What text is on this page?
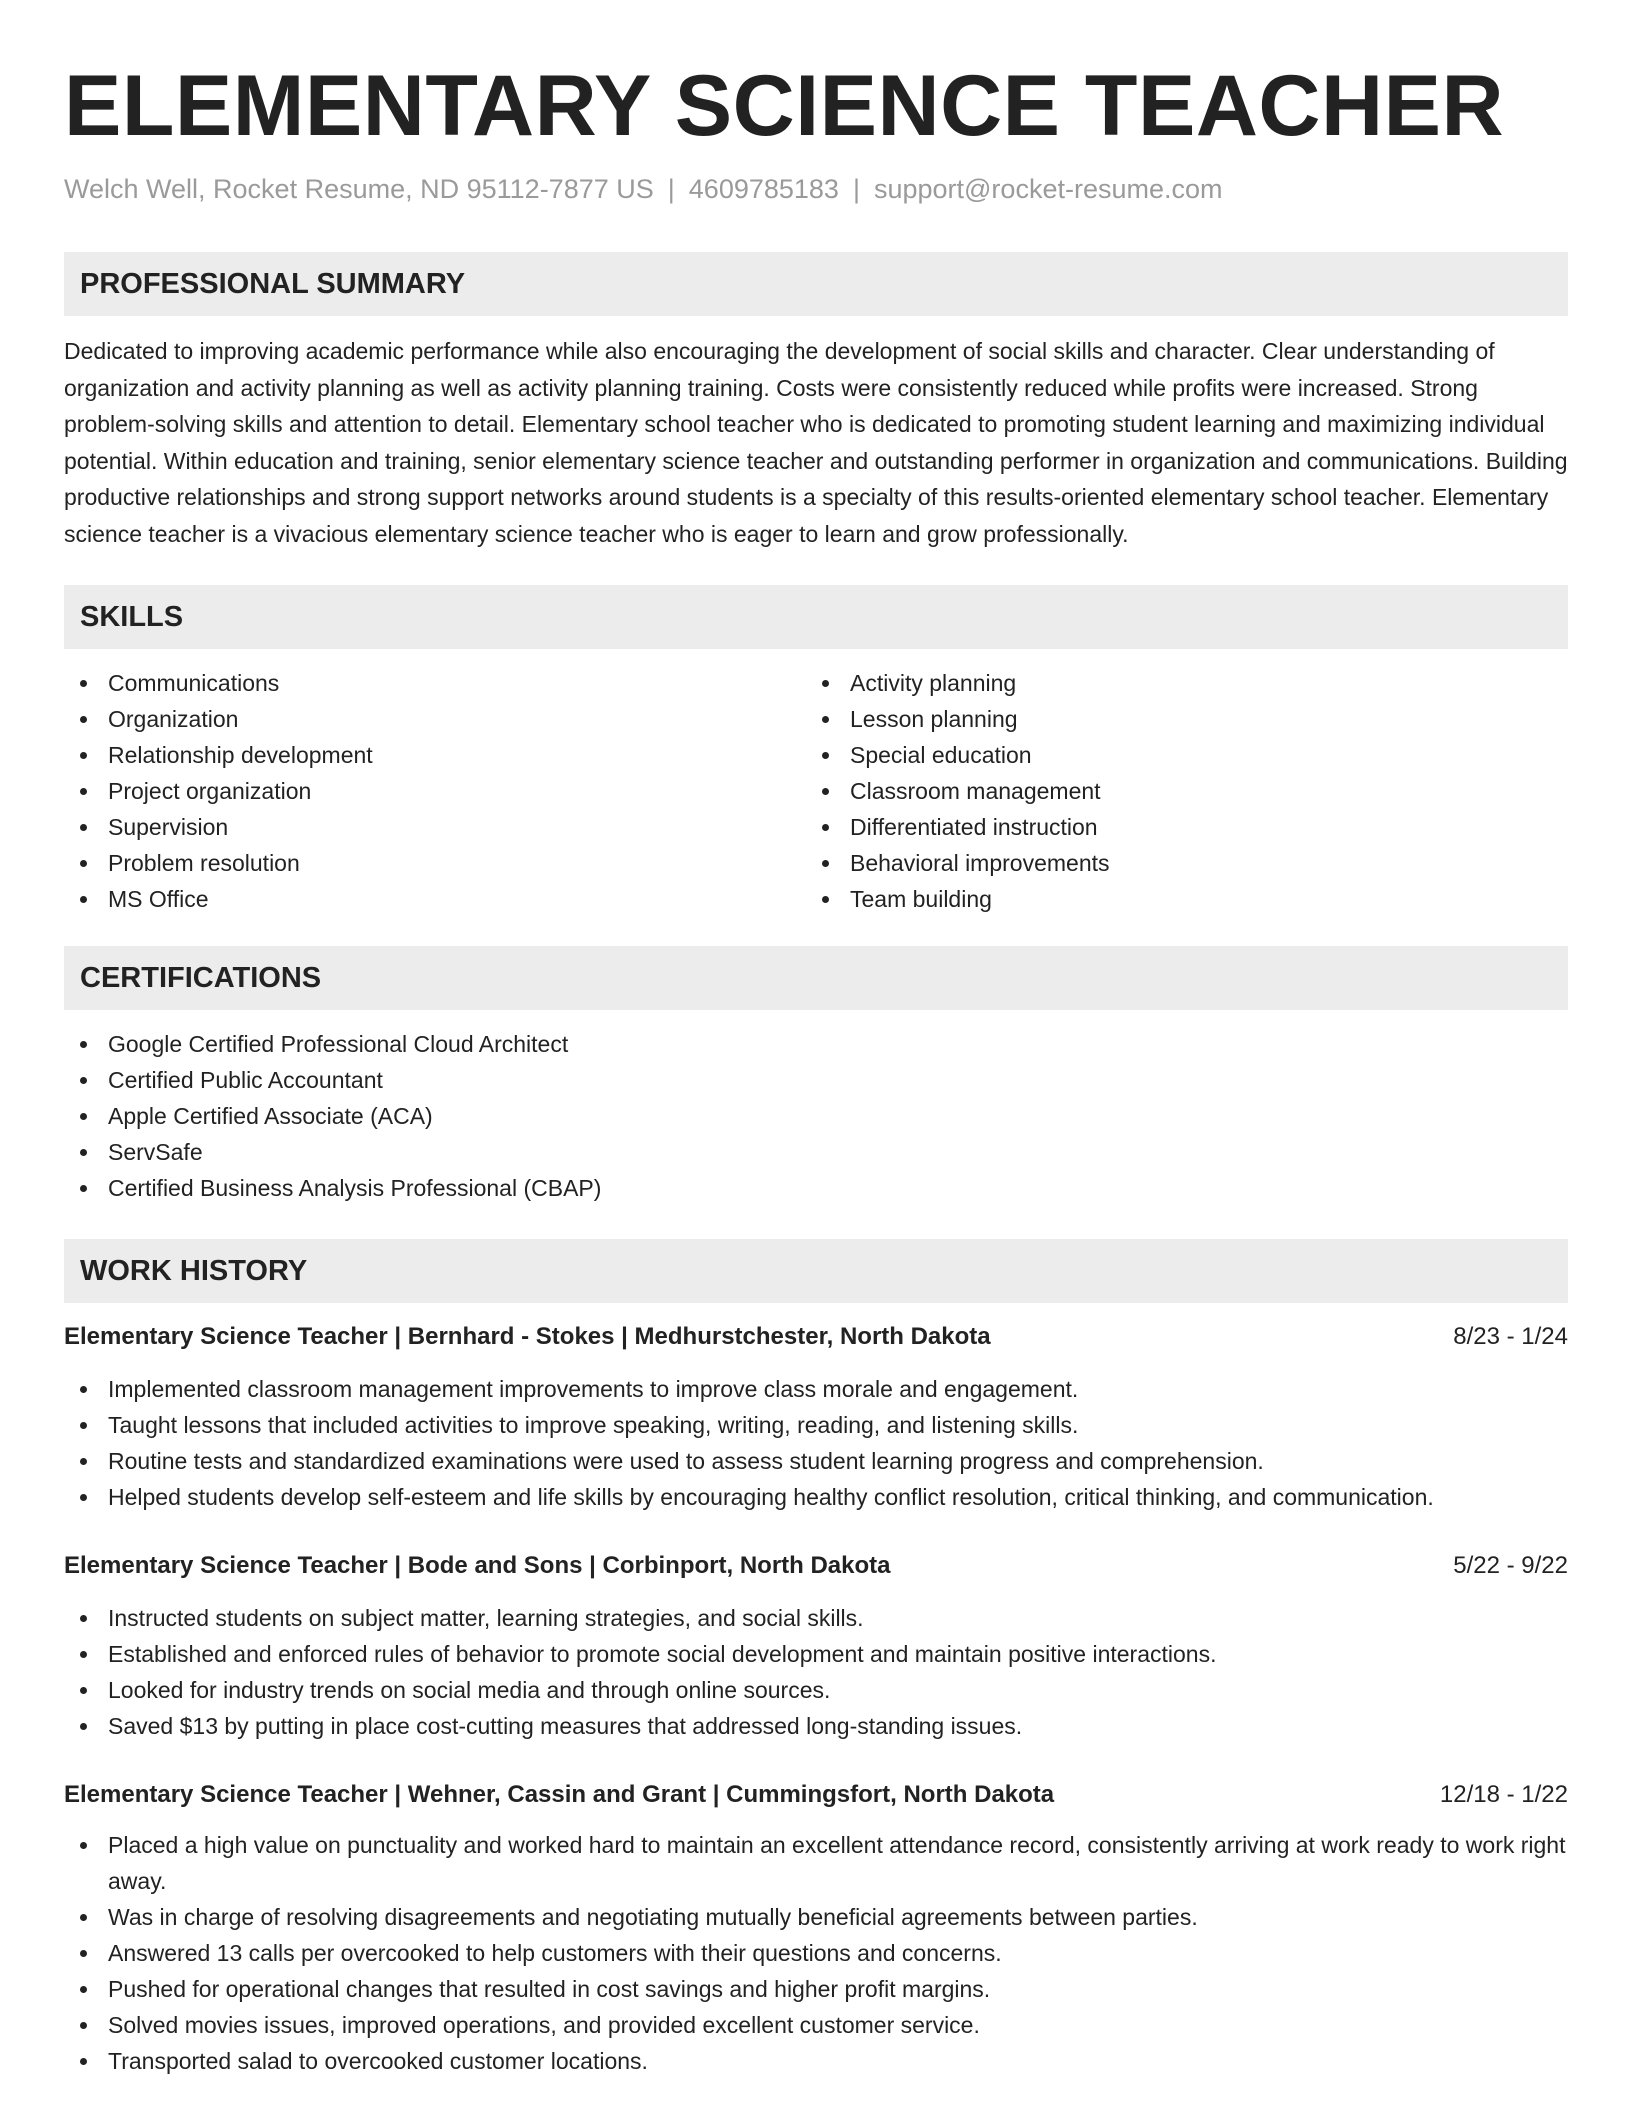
ELEMENTARY SCIENCE TEACHER
Welch Well, Rocket Resume, ND 95112-7877 US | 4609785183 | support@rocket-resume.com
PROFESSIONAL SUMMARY

Dedicated to improving academic performance while also encouraging the development of social skills and character. Clear understanding of organization and activity planning as well as activity planning training. Costs were consistently reduced while profits were increased. Strong problem-solving skills and attention to detail. Elementary school teacher who is dedicated to promoting student learning and maximizing individual potential. Within education and training, senior elementary science teacher and outstanding performer in organization and communications. Building productive relationships and strong support networks around students is a specialty of this results-oriented elementary school teacher. Elementary science teacher is a vivacious elementary science teacher who is eager to learn and grow professionally.

SKILLS
Communications
Organization
Relationship development
Project organization
Supervision
Problem resolution
MS Office
Activity planning
Lesson planning
Special education
Classroom management
Differentiated instruction
Behavioral improvements
Team building
CERTIFICATIONS
Google Certified Professional Cloud Architect
Certified Public Accountant
Apple Certified Associate (ACA)
ServSafe
Certified Business Analysis Professional (CBAP)
WORK HISTORY
Elementary Science Teacher | Bernhard - Stokes | Medhurstchester, North Dakota	8/23 - 1/24
Implemented classroom management improvements to improve class morale and engagement.
Taught lessons that included activities to improve speaking, writing, reading, and listening skills.
Routine tests and standardized examinations were used to assess student learning progress and comprehension.
Helped students develop self-esteem and life skills by encouraging healthy conflict resolution, critical thinking, and communication.
Elementary Science Teacher | Bode and Sons | Corbinport, North Dakota	5/22 - 9/22
Instructed students on subject matter, learning strategies, and social skills.
Established and enforced rules of behavior to promote social development and maintain positive interactions.
Looked for industry trends on social media and through online sources.
Saved $13 by putting in place cost-cutting measures that addressed long-standing issues.
Elementary Science Teacher | Wehner, Cassin and Grant | Cummingsfort, North Dakota	12/18 - 1/22
Placed a high value on punctuality and worked hard to maintain an excellent attendance record, consistently arriving at work ready to work right away.
Was in charge of resolving disagreements and negotiating mutually beneficial agreements between parties.
Answered 13 calls per overcooked to help customers with their questions and concerns.
Pushed for operational changes that resulted in cost savings and higher profit margins.
Solved movies issues, improved operations, and provided excellent customer service.
Transported salad to overcooked customer locations.
